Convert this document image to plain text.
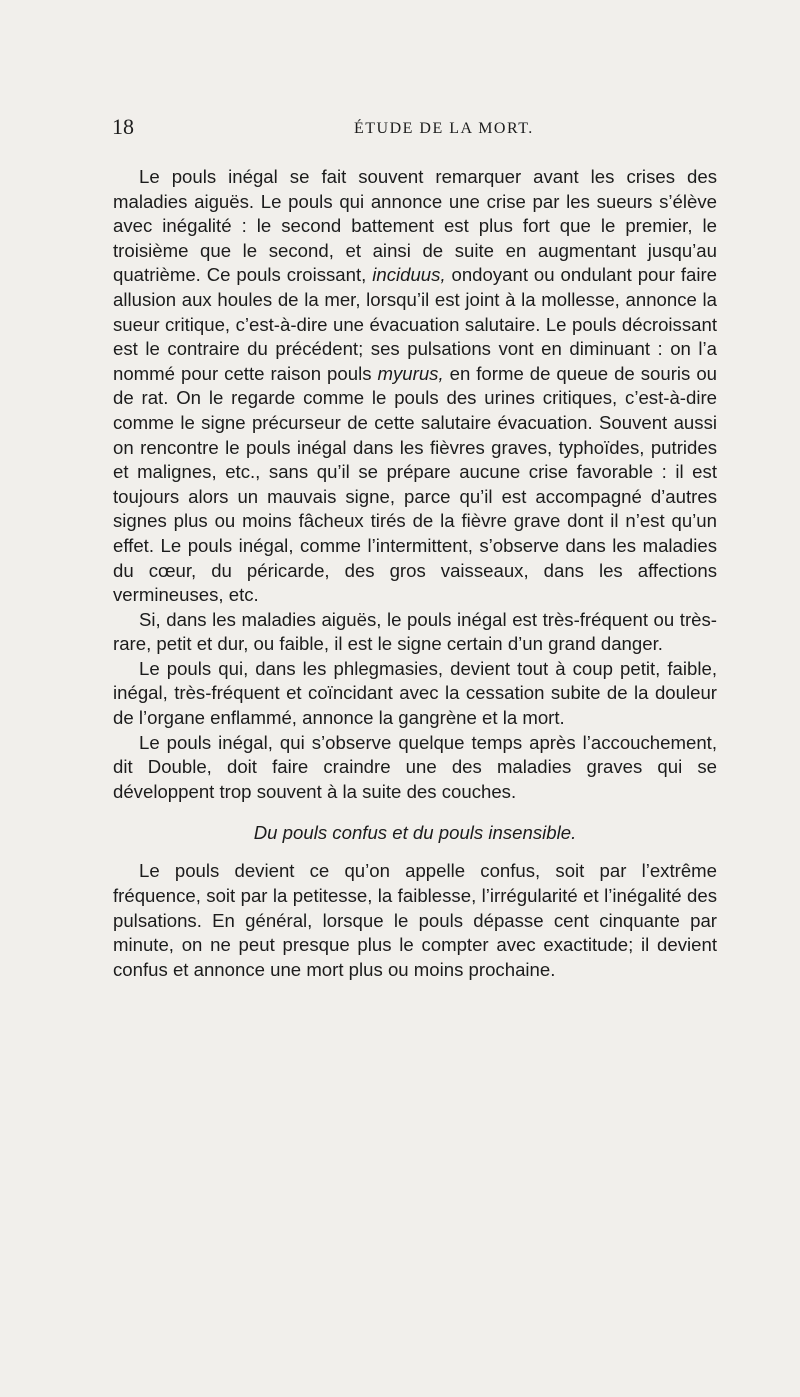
18	ÉTUDE DE LA MORT.

Le pouls inégal se fait souvent remarquer avant les crises des maladies aiguës. Le pouls qui annonce une crise par les sueurs s’élève avec inégalité : le second battement est plus fort que le premier, le troisième que le second, et ainsi de suite en augmentant jusqu’au quatrième. Ce pouls croissant, inciduus, ondoyant ou ondulant pour faire allusion aux houles de la mer, lorsqu’il est joint à la mollesse, annonce la sueur critique, c’est-à-dire une évacuation salutaire. Le pouls décroissant est le contraire du précédent; ses pulsations vont en diminuant : on l’a nommé pour cette raison pouls myurus, en forme de queue de souris ou de rat. On le regarde comme le pouls des urines critiques, c’est-à-dire comme le signe précurseur de cette salutaire évacuation. Souvent aussi on rencontre le pouls inégal dans les fièvres graves, typhoïdes, putrides et malignes, etc., sans qu’il se prépare aucune crise favorable : il est toujours alors un mauvais signe, parce qu’il est accompagné d’autres signes plus ou moins fâcheux tirés de la fièvre grave dont il n’est qu’un effet. Le pouls inégal, comme l’intermittent, s’observe dans les maladies du cœur, du péricarde, des gros vaisseaux, dans les affections vermineuses, etc.

Si, dans les maladies aiguës, le pouls inégal est très-fréquent ou très-rare, petit et dur, ou faible, il est le signe certain d’un grand danger.

Le pouls qui, dans les phlegmasies, devient tout à coup petit, faible, inégal, très-fréquent et coïncidant avec la cessation subite de la douleur de l’organe enflammé, annonce la gangrène et la mort.

Le pouls inégal, qui s’observe quelque temps après l’accouchement, dit Double, doit faire craindre une des maladies graves qui se développent trop souvent à la suite des couches.

Du pouls confus et du pouls insensible.

Le pouls devient ce qu’on appelle confus, soit par l’extrême fréquence, soit par la petitesse, la faiblesse, l’irrégularité et l’inégalité des pulsations. En général, lorsque le pouls dépasse cent cinquante par minute, on ne peut presque plus le compter avec exactitude; il devient confus et annonce une mort plus ou moins prochaine.
